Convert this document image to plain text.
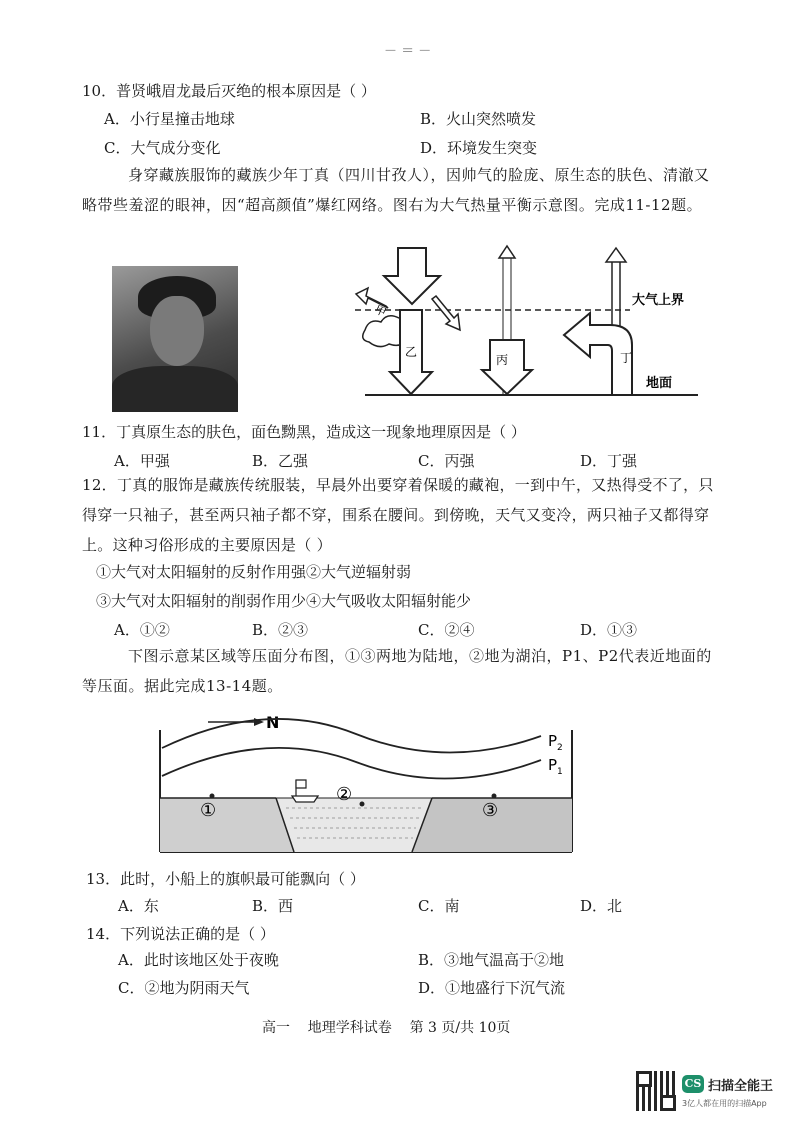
－ ＝ －
10．普贤峨眉龙最后灭绝的根本原因是（ ）
A．小行星撞击地球	B．火山突然喷发
C．大气成分变化	D．环境发生突变
身穿藏族服饰的藏族少年丁真（四川甘孜人），因帅气的脸庞、原生态的肤色、清澈又略带些羞涩的眼神，因“超高颜值”爆红网络。图右为大气热量平衡示意图。完成11-12题。
甲
乙
丙	丁
大气上界
地面
11．丁真原生态的肤色，面色黝黑，造成这一现象地理原因是（ ）
A．甲强	B．乙强	C．丙强	D．丁强
12．丁真的服饰是藏族传统服装，早晨外出要穿着保暖的藏袍，一到中午，又热得受不了，只得穿一只袖子，甚至两只袖子都不穿，围系在腰间。到傍晚，天气又变冷，两只袖子又都得穿上。这种习俗形成的主要原因是（ ）
①大气对太阳辐射的反射作用强②大气逆辐射弱
③大气对太阳辐射的削弱作用少④大气吸收太阳辐射能少
A．①②	B．②③	C．②④	D．①③
下图示意某区域等压面分布图，①③两地为陆地，②地为湖泊，P1、P2代表近地面的等压面。据此完成13-14题。
N
$P_2$
$P_1$
①
②
③
13．此时，小船上的旗帜最可能飘向（ ）
A．东	B．西	C．南	D．北
14．下列说法正确的是（ ）
A．此时该地区处于夜晚	B．③地气温高于②地
C．②地为阴雨天气	D．①地盛行下沉气流
高一    地理学科试卷    第 3 页/共 10页
CS 扫描全能王
3亿人都在用的扫描App
